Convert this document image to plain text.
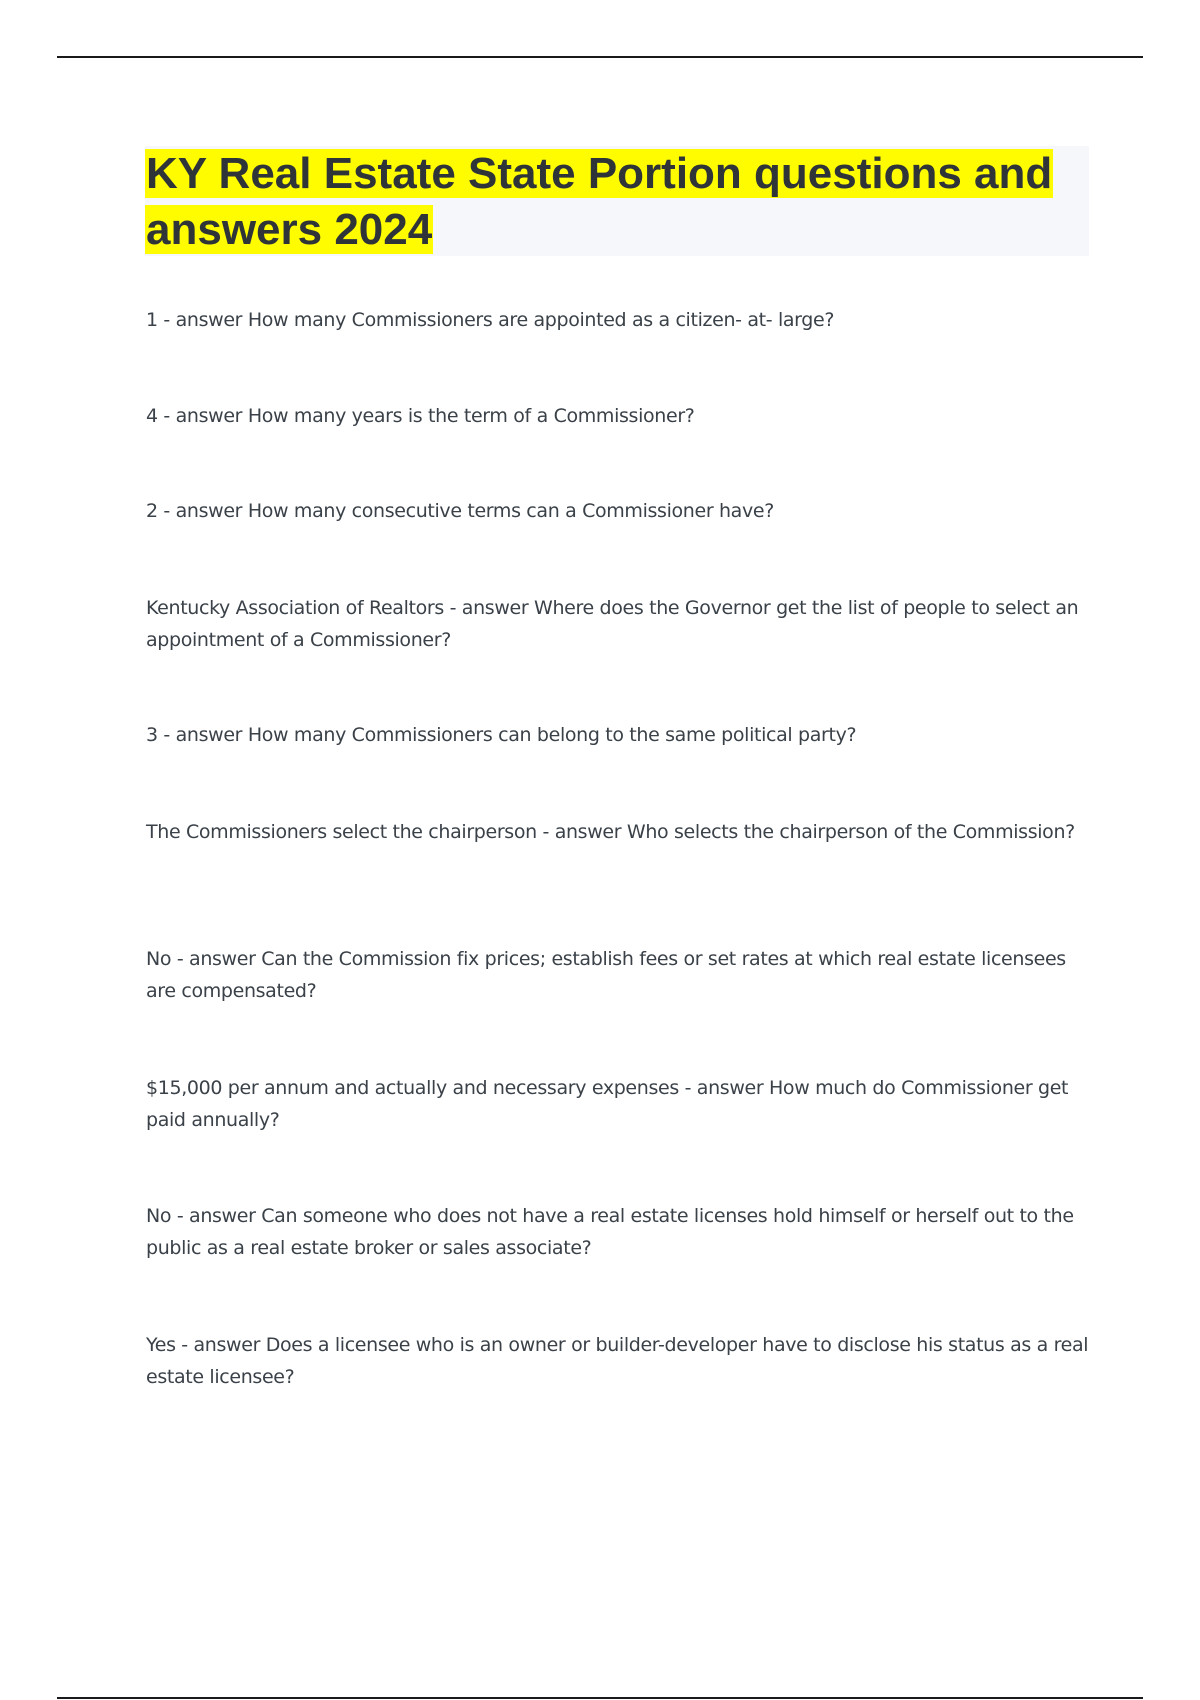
KY Real Estate State Portion questions and answers 2024

1 - answer How many Commissioners are appointed as a citizen- at- large?

4 - answer How many years is the term of a Commissioner?

2 - answer How many consecutive terms can a Commissioner have?

Kentucky Association of Realtors - answer Where does the Governor get the list of people to select an appointment of a Commissioner?

3 - answer How many Commissioners can belong to the same political party?

The Commissioners select the chairperson - answer Who selects the chairperson of the Commission?

No - answer Can the Commission fix prices; establish fees or set rates at which real estate licensees are compensated?

$15,000 per annum and actually and necessary expenses - answer How much do Commissioner get paid annually?

No - answer Can someone who does not have a real estate licenses hold himself or herself out to the public as a real estate broker or sales associate?

Yes - answer Does a licensee who is an owner or builder-developer have to disclose his status as a real estate licensee?
